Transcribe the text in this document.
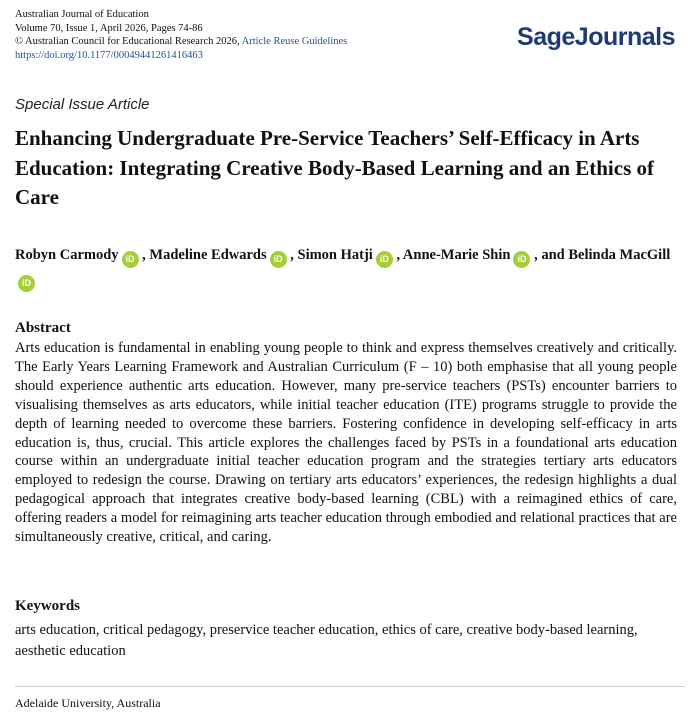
Australian Journal of Education
Volume 70, Issue 1, April 2026, Pages 74-86
© Australian Council for Educational Research 2026, Article Reuse Guidelines
https://doi.org/10.1177/00049441261416463
SageJournals
Special Issue Article
Enhancing Undergraduate Pre-Service Teachers’ Self-Efficacy in Arts Education: Integrating Creative Body-Based Learning and an Ethics of Care
Robyn Carmody iD , Madeline Edwards iD , Simon Hatji iD , Anne-Marie Shin iD , and Belinda MacGilliD
Abstract

Arts education is fundamental in enabling young people to think and express themselves creatively and critically. The Early Years Learning Framework and Australian Curriculum (F – 10) both emphasise that all young people should experience authentic arts education. However, many pre-service teachers (PSTs) encounter barriers to visualising themselves as arts educators, while initial teacher education (ITE) programs struggle to provide the depth of learning needed to overcome these barriers. Fostering confidence in developing self-efficacy in arts education is, thus, crucial. This article explores the challenges faced by PSTs in a foundational arts education course within an undergraduate initial teacher education program and the strategies tertiary arts educators employed to redesign the course. Drawing on tertiary arts educators’ experiences, the redesign highlights a dual pedagogical approach that integrates creative body-based learning (CBL) with a reimagined ethics of care, offering readers a model for reimagining arts teacher education through embodied and relational practices that are simultaneously creative, critical, and caring.

Keywords

arts education, critical pedagogy, preservice teacher education, ethics of care, creative body-based learning, aesthetic education

Adelaide University, Australia
